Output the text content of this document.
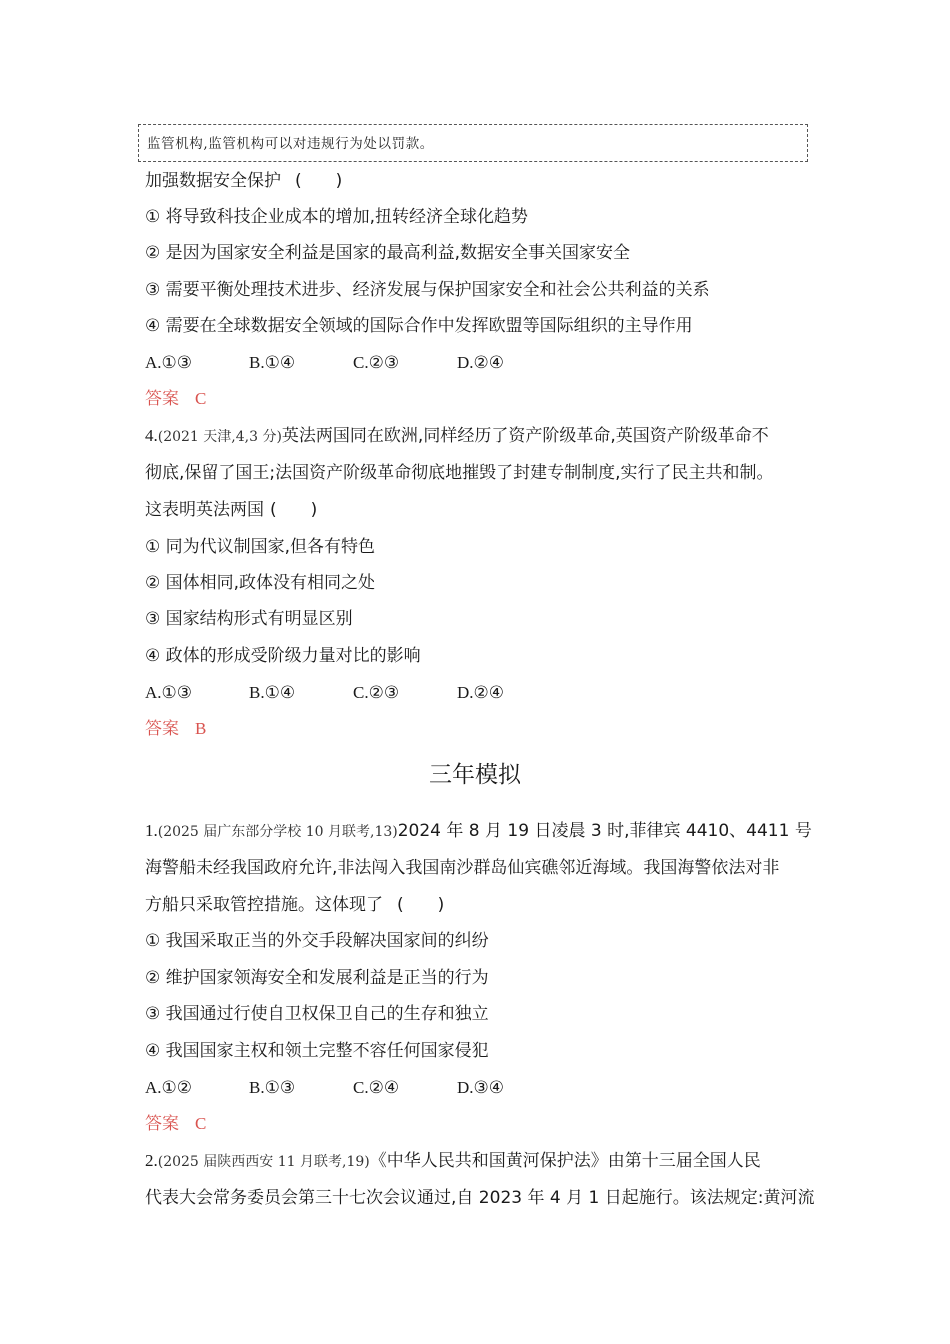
监管机构,监管机构可以对违规行为处以罚款。
加强数据安全保护 (　　)
① 将导致科技企业成本的增加,扭转经济全球化趋势
② 是因为国家安全利益是国家的最高利益,数据安全事关国家安全
③ 需要平衡处理技术进步、经济发展与保护国家安全和社会公共利益的关系
④ 需要在全球数据安全领域的国际合作中发挥欧盟等国际组织的主导作用
A.①③	B.①④	C.②③	D.②④
答案 C
4.(2021 天津,4,3 分)英法两国同在欧洲,同样经历了资产阶级革命,英国资产阶级革命不
彻底,保留了国王;法国资产阶级革命彻底地摧毁了封建专制制度,实行了民主共和制。
这表明英法两国 (　　)
① 同为代议制国家,但各有特色
② 国体相同,政体没有相同之处
③ 国家结构形式有明显区别
④ 政体的形成受阶级力量对比的影响
A.①③	B.①④	C.②③	D.②④
答案 B
三年模拟
1.(2025 届广东部分学校 10 月联考,13)2024 年 8 月 19 日凌晨 3 时,菲律宾 4410、4411 号
海警船未经我国政府允许,非法闯入我国南沙群岛仙宾礁邻近海域。我国海警依法对非
方船只采取管控措施。这体现了 (　　)
① 我国采取正当的外交手段解决国家间的纠纷
② 维护国家领海安全和发展利益是正当的行为
③ 我国通过行使自卫权保卫自己的生存和独立
④ 我国国家主权和领土完整不容任何国家侵犯
A.①②	B.①③	C.②④	D.③④
答案 C
2.(2025 届陕西西安 11 月联考,19)《中华人民共和国黄河保护法》由第十三届全国人民
代表大会常务委员会第三十七次会议通过,自 2023 年 4 月 1 日起施行。该法规定:黄河流
